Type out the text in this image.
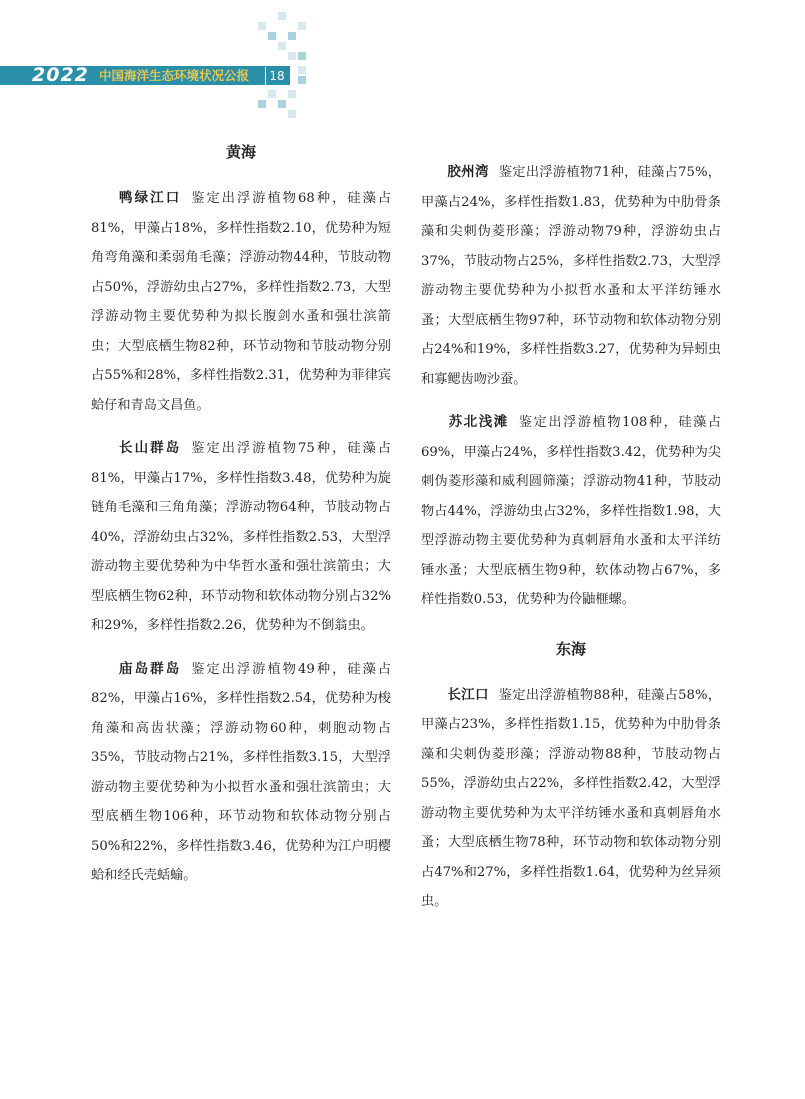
2022 中国海洋生态环境状况公报	18
黄海

鸭绿江口 鉴定出浮游植物68种，硅藻占81%，甲藻占18%，多样性指数2.10，优势种为短角弯角藻和柔弱角毛藻；浮游动物44种，节肢动物占50%，浮游幼虫占27%，多样性指数2.73，大型浮游动物主要优势种为拟长腹剑水蚤和强壮滨箭虫；大型底栖生物82种，环节动物和节肢动物分别占55%和28%，多样性指数2.31，优势种为菲律宾蛤仔和青岛文昌鱼。

长山群岛 鉴定出浮游植物75种，硅藻占81%，甲藻占17%，多样性指数3.48，优势种为旋链角毛藻和三角角藻；浮游动物64种，节肢动物占40%，浮游幼虫占32%，多样性指数2.53，大型浮游动物主要优势种为中华哲水蚤和强壮滨箭虫；大型底栖生物62种，环节动物和软体动物分别占32%和29%，多样性指数2.26，优势种为不倒翁虫。

庙岛群岛 鉴定出浮游植物49种，硅藻占82%，甲藻占16%，多样性指数2.54，优势种为梭角藻和高齿状藻；浮游动物60种，刺胞动物占35%，节肢动物占21%，多样性指数3.15，大型浮游动物主要优势种为小拟哲水蚤和强壮滨箭虫；大型底栖生物106种，环节动物和软体动物分别占50%和22%，多样性指数3.46，优势种为江户明樱蛤和经氏壳蛞蝓。

胶州湾 鉴定出浮游植物71种，硅藻占75%，甲藻占24%，多样性指数1.83，优势种为中肋骨条藻和尖刺伪菱形藻；浮游动物79种，浮游幼虫占37%，节肢动物占25%，多样性指数2.73，大型浮游动物主要优势种为小拟哲水蚤和太平洋纺锤水蚤；大型底栖生物97种，环节动物和软体动物分别占24%和19%，多样性指数3.27，优势种为异蚓虫和寡鳃齿吻沙蚕。

苏北浅滩 鉴定出浮游植物108种，硅藻占69%，甲藻占24%，多样性指数3.42，优势种为尖刺伪菱形藻和威利圆筛藻；浮游动物41种，节肢动物占44%，浮游幼虫占32%，多样性指数1.98，大型浮游动物主要优势种为真刺唇角水蚤和太平洋纺锤水蚤；大型底栖生物9种，软体动物占67%，多样性指数0.53，优势种为伶鼬榧螺。

东海

长江口 鉴定出浮游植物88种，硅藻占58%，甲藻占23%，多样性指数1.15，优势种为中肋骨条藻和尖刺伪菱形藻；浮游动物88种，节肢动物占55%，浮游幼虫占22%，多样性指数2.42，大型浮游动物主要优势种为太平洋纺锤水蚤和真刺唇角水蚤；大型底栖生物78种，环节动物和软体动物分别占47%和27%，多样性指数1.64，优势种为丝异须虫。
